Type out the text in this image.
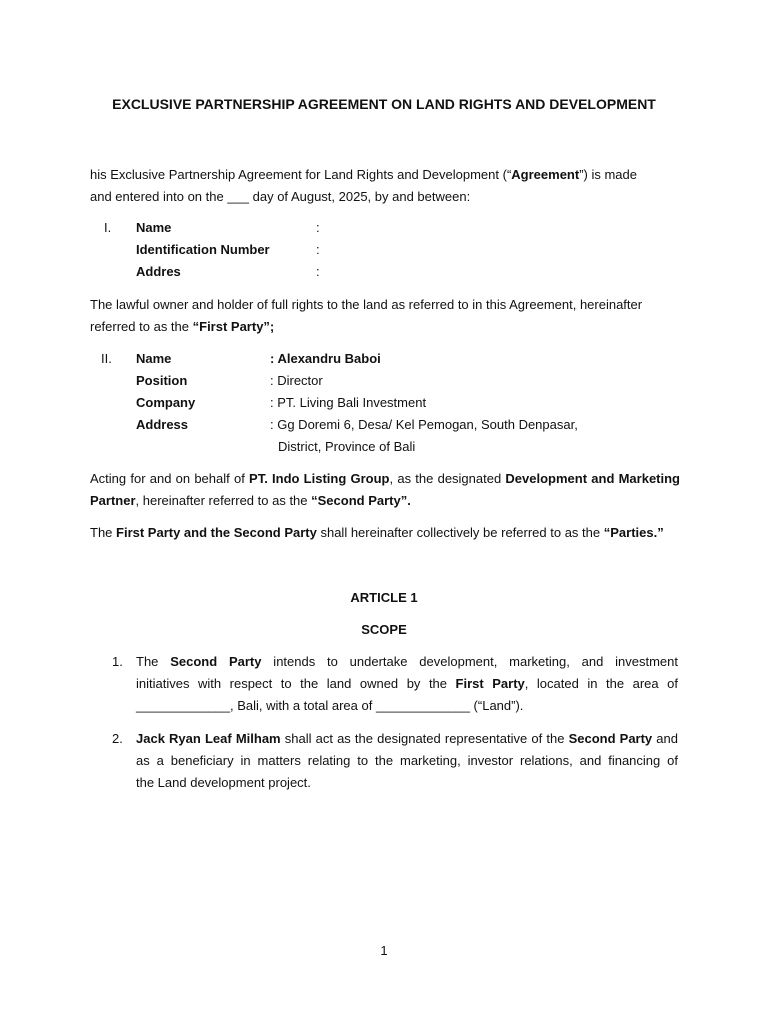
EXCLUSIVE PARTNERSHIP AGREEMENT ON LAND RIGHTS AND DEVELOPMENT
his Exclusive Partnership Agreement for Land Rights and Development (“Agreement”) is made
and entered into on the ___ day of August, 2025, by and between:
I. Name	:
Identification Number	:
Addres	:
The lawful owner and holder of full rights to the land as referred to in this Agreement, hereinafter
referred to as the “First Party”;
II. Name	: Alexandru Baboi
Position	: Director
Company	: PT. Living Bali Investment
Address	: Gg Doremi 6, Desa/ Kel Pemogan, South Denpasar,
District, Province of Bali
Acting for and on behalf of PT. Indo Listing Group, as the designated Development and Marketing
Partner, hereinafter referred to as the “Second Party”.
The First Party and the Second Party shall hereinafter collectively be referred to as the “Parties.”
ARTICLE 1
SCOPE
1. The Second Party intends to undertake development, marketing, and investment
initiatives with respect to the land owned by the First Party, located in the area of
_____________, Bali, with a total area of _____________ (“Land”).
2. Jack Ryan Leaf Milham shall act as the designated representative of the Second Party and
as a beneficiary in matters relating to the marketing, investor relations, and financing of
the Land development project.
1
